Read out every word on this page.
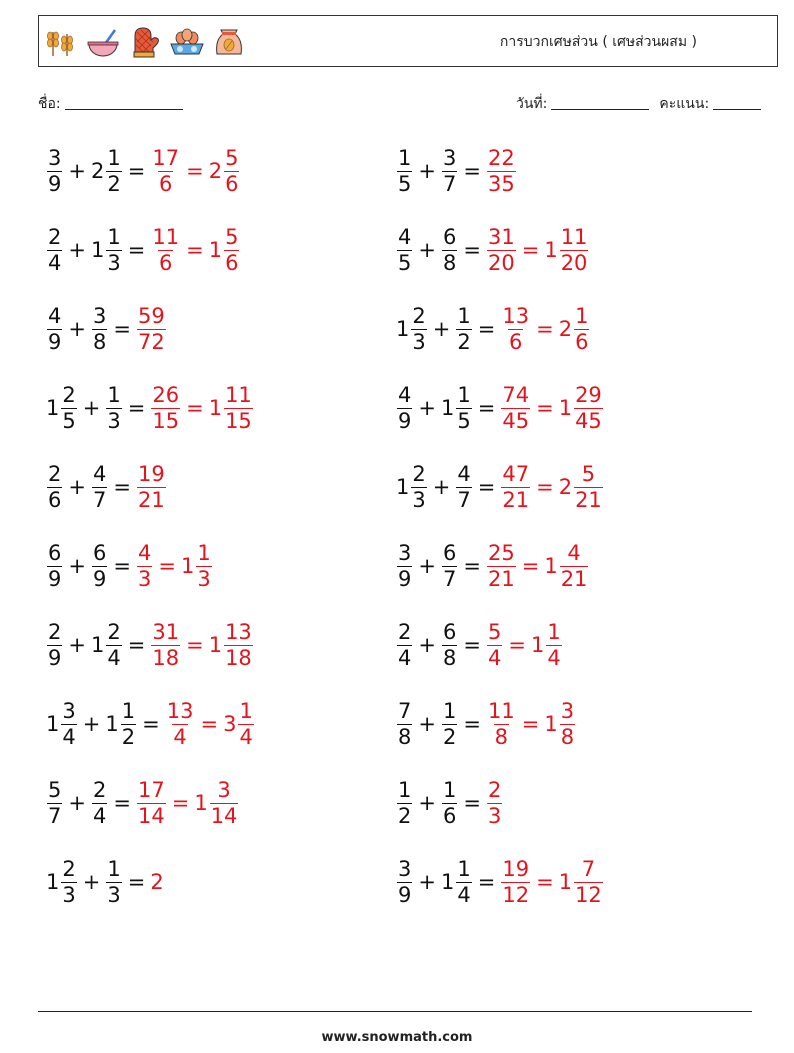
การบวกเศษส่วน ( เศษส่วนผสม )
ชื่อ:	วันที่:	คะแนน:
$\frac{3}{9} + 2 \frac{1}{2} = \frac{17}{6} = 2 \frac{5}{6}$	$\frac{1}{5} + \frac{3}{7} = \frac{22}{35}$
$\frac{2}{4} + 1 \frac{1}{3} = \frac{11}{6} = 1 \frac{5}{6}$	$\frac{4}{5} + \frac{6}{8} = \frac{31}{20} = 1 \frac{11}{20}$
$\frac{4}{9} + \frac{3}{8} = \frac{59}{72}$	$1 \frac{2}{3} + \frac{1}{2} = \frac{13}{6} = 2 \frac{1}{6}$
$1 \frac{2}{5} + \frac{1}{3} = \frac{26}{15} = 1 \frac{11}{15}$	$\frac{4}{9} + 1 \frac{1}{5} = \frac{74}{45} = 1 \frac{29}{45}$
$\frac{2}{6} + \frac{4}{7} = \frac{19}{21}$	$1 \frac{2}{3} + \frac{4}{7} = \frac{47}{21} = 2 \frac{5}{21}$
$\frac{6}{9} + \frac{6}{9} = \frac{4}{3} = 1 \frac{1}{3}$	$\frac{3}{9} + \frac{6}{7} = \frac{25}{21} = 1 \frac{4}{21}$
$\frac{2}{9} + 1 \frac{2}{4} = \frac{31}{18} = 1 \frac{13}{18}$	$\frac{2}{4} + \frac{6}{8} = \frac{5}{4} = 1 \frac{1}{4}$
$1 \frac{3}{4} + 1 \frac{1}{2} = \frac{13}{4} = 3 \frac{1}{4}$	$\frac{7}{8} + \frac{1}{2} = \frac{11}{8} = 1 \frac{3}{8}$
$\frac{5}{7} + \frac{2}{4} = \frac{17}{14} = 1 \frac{3}{14}$	$\frac{1}{2} + \frac{1}{6} = \frac{2}{3}$
$1 \frac{2}{3} + \frac{1}{3} = 2$	$\frac{3}{9} + 1 \frac{1}{4} = \frac{19}{12} = 1 \frac{7}{12}$
www.snowmath.com
